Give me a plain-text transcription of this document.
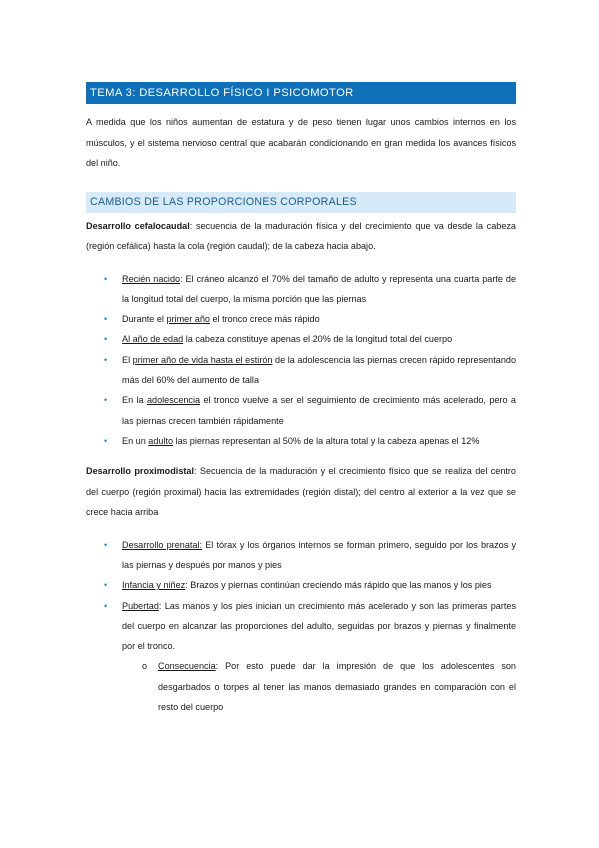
TEMA 3: DESARROLLO FÍSICO I PSICOMOTOR

A medida que los niños aumentan de estatura y de peso tienen lugar unos cambios internos en los músculos, y el sistema nervioso central que acabarán condicionando en gran medida los avances físicos del niño.

CAMBIOS DE LAS PROPORCIONES CORPORALES

Desarrollo cefalocaudal: secuencia de la maduración física y del crecimiento que va desde la cabeza (región cefálica) hasta la cola (región caudal); de la cabeza hacia abajo.

• Recién nacido: El cráneo alcanzó el 70% del tamaño de adulto y representa una cuarta parte de la longitud total del cuerpo, la misma porción que las piernas
• Durante el primer año el tronco crece más rápido
• Al año de edad la cabeza constituye apenas el 20% de la longitud total del cuerpo
• El primer año de vida hasta el estirón de la adolescencia las piernas crecen rápido representando más del 60% del aumento de talla
• En la adolescencia el tronco vuelve a ser el seguimiento de crecimiento más acelerado, pero a las piernas crecen también rápidamente
• En un adulto las piernas representan al 50% de la altura total y la cabeza apenas el 12%

Desarrollo proximodistal: Secuencia de la maduración y el crecimiento físico que se realiza del centro del cuerpo (región proximal) hacia las extremidades (región distal); del centro al exterior a la vez que se crece hacia arriba

• Desarrollo prenatal: El tórax y los órganos internos se forman primero, seguido por los brazos y las piernas y después por manos y pies
• Infancia y niñez: Brazos y piernas continúan creciendo más rápido que las manos y los pies
• Pubertad: Las manos y los pies inician un crecimiento más acelerado y son las primeras partes del cuerpo en alcanzar las proporciones del adulto, seguidas por brazos y piernas y finalmente por el tronco.
o Consecuencia: Por esto puede dar la impresión de que los adolescentes son desgarbados o torpes al tener las manos demasiado grandes en comparación con el resto del cuerpo
